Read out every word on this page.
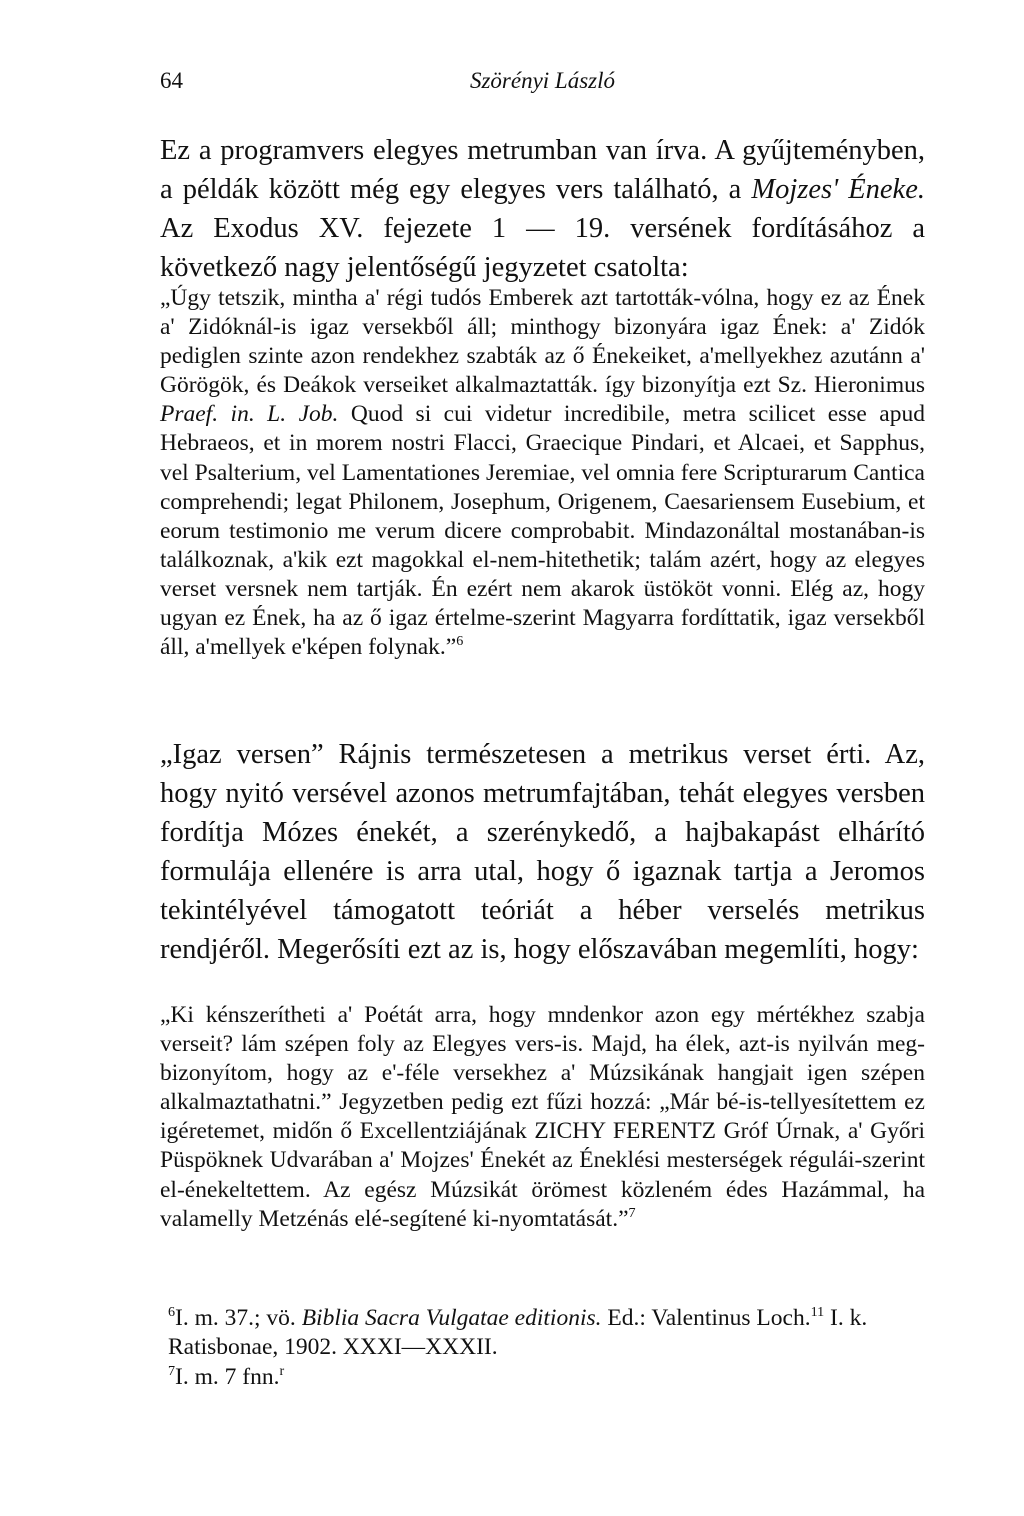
64	Szörényi László

Ez a programvers elegyes metrumban van írva. A gyűjteményben, a példák között még egy elegyes vers található, a Mojzes' Éneke. Az Exodus XV. fejezete 1 — 19. versének fordításához a következő nagy jelentőségű jegyzetet csatolta:

„Úgy tetszik, mintha a' régi tudós Emberek azt tartották-vólna, hogy ez az Ének a' Zidóknál-is igaz versekből áll; minthogy bizonyára igaz Ének: a' Zidók pediglen szinte azon rendekhez szabták az ő Énekeiket, a'mellyekhez azutánn a' Görögök, és Deákok verseiket alkalmaztatták. így bizonyítja ezt Sz. Hieronimus Praef. in. L. Job. Quod si cui videtur incredibile, metra scilicet esse apud Hebraeos, et in morem nostri Flacci, Graecique Pindari, et Alcaei, et Sapphus, vel Psalterium, vel Lamentationes Jeremiae, vel omnia fere Scripturarum Cantica comprehendi; legat Philonem, Josephum, Origenem, Caesariensem Eusebium, et eorum testimonio me verum dicere comprobabit. Mindazonáltal mostanában-is találkoznak, a'kik ezt magokkal el-nem-hitethetik; talám azért, hogy az elegyes verset versnek nem tartják. Én ezért nem akarok üstököt vonni. Elég az, hogy ugyan ez Ének, ha az ő igaz értelme-szerint Magyarra fordíttatik, igaz versekből áll, a'mellyek e'képen folynak.”$^6$

„Igaz versen” Rájnis természetesen a metrikus verset érti. Az, hogy nyitó versével azonos metrumfajtában, tehát elegyes versben fordítja Mózes énekét, a szerénykedő, a hajbakapást elhárító formulája ellenére is arra utal, hogy ő igaznak tartja a Jeromos tekintélyével támogatott teóriát a héber verselés metrikus rendjéről. Megerősíti ezt az is, hogy előszavában megemlíti, hogy:

„Ki kénszerítheti a' Poétát arra, hogy mndenkor azon egy mértékhez szabja verseit? lám szépen foly az Elegyes vers-is. Majd, ha élek, azt-is nyilván meg-bizonyítom, hogy az e'-féle versekhez a' Múzsikának hangjait igen szépen alkalmaztathatni.” Jegyzetben pedig ezt fűzi hozzá: „Már bé-is-tellyesítettem ez igéretemet, midőn ő Excellentziájának ZICHY FERENTZ Gróf Úrnak, a' Győri Püspöknek Udvarában a' Mojzes' Énekét az Éneklési mesterségek régulái-szerint el-énekeltettem. Az egész Múzsikát örömest közleném édes Hazámmal, ha valamelly Metzénás elé-segítené ki-nyomtatását.”$^7$

$^6$I. m. 37.; vö. Biblia Sacra Vulgatae editionis. Ed.: Valentinus Loch.$^{11}$ I. k. Ratisbonae, 1902. XXXI—XXXII.

$^7$I. m. 7 fnn.$^r$
